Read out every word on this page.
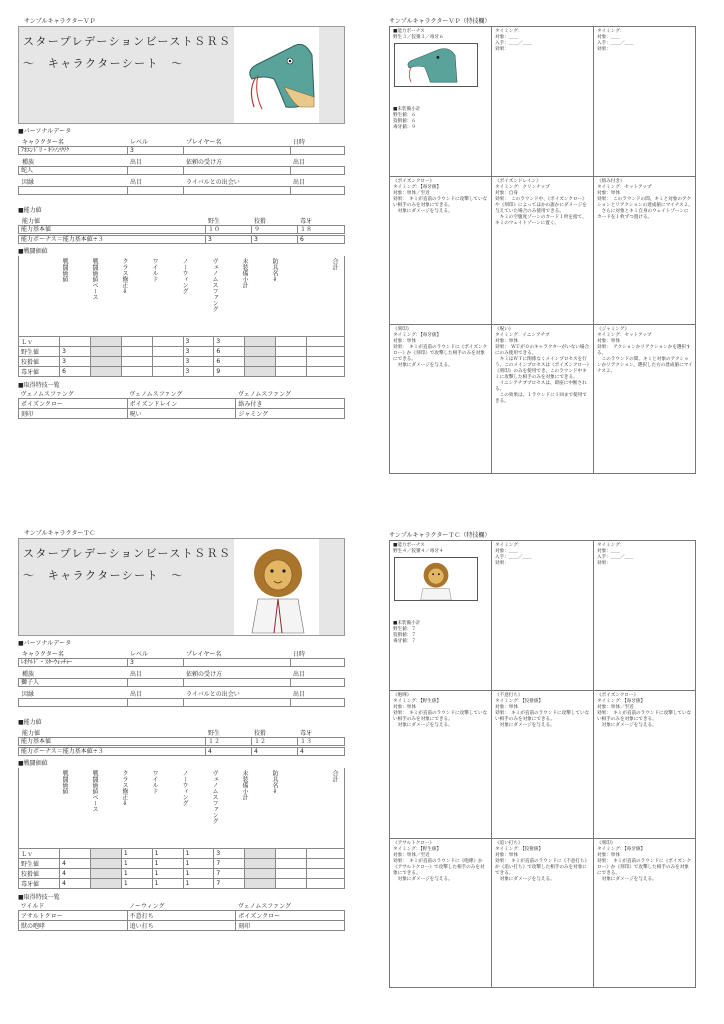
サンプルキャラクターＶＰ
スタープレデーションビーストＳＲＳ
～　キャラクターシート　～
■ パーソナルデータ
キャラクター名	レベル	プレイヤー名	日時
ｱｵｴﾝﾄﾞﾘ・ｷﾗｿﾝﾜﾜｸ	3
種族	出目	依頼の受け方	出目
蛇人
因縁	出目	ライバルとの出会い	出目
■ 能力値
能力値	野生	狡猾	毒牙
能力基本値	１０	９	１８
能力ボーナス＝能力基本値÷３	3	3	6
■ 戦闘価値
戦闘価値	戦闘価値ベース	クラス修正⇒	ワイルド	ノーウィング	ヴェノムスファング	未装備小計	防具名⇒	合計
Ｌｖ					3	3			
野生値	3				3	6			
狡猾値	3				3	6			
毒牙値	6				3	9			
■ 取得特技一覧
ヴェノムスファング	ヴェノムスファング	ヴェノムスファング
ポイズンクロー	ポイズンドレイン	絡み付き
刻印	呪い	ジャミング
サンプルキャラクターＴＣ
スタープレデーションビーストＳＲＳ
～　キャラクターシート　～
■ パーソナルデータ
キャラクター名	レベル	プレイヤー名	日時
ﾚｵﾅﾙﾄﾞ・ｽﾀｰｳｫｯﾁｬｰ	3
種族	出目	依頼の受け方	出目
獅子人
因縁	出目	ライバルとの出会い	出目
■ 能力値
能力値	野生	狡猾	毒牙
能力基本値	１２	１２	１３
能力ボーナス＝能力基本値÷３	4	4	4
■ 戦闘価値
戦闘価値	戦闘価値ベース	クラス修正⇒	ワイルド	ノーウィング	ヴェノムスファング	未装備小計	防具名⇒	合計
Ｌｖ			1	1	1	3			
野生値	4		1	1	1	7			
狡猾値	4		1	1	1	7			
毒牙値	4		1	1	1	7			
■ 取得特技一覧
ワイルド	ノーウィング	ヴェノムスファング
アサルトクロー	不意打ち	ポイズンクロー
獣の咆哮	追い打ち	刻印
サンプルキャラクターＶＰ（特技欄）

■能力ボーナス
野生３／狡猾３／毒牙６

■未装備小計
野生値：６
狡猾値：６
毒牙値：９

タイミング：
対象：＿＿
入手：＿＿／＿＿
効果：

タイミング：
対象：＿＿
入手：＿＿／＿＿
効果：

《ポイズンクロー》
タイミング：【毒牙値】
対象：単体／至近
効果：　キミが直前のラウンドに攻撃していない相手のみを対象にできる。
　対象にダメージを与える。

《ポイズンドレイン》
タイミング：クリンナップ
対象：自身
効果：　このラウンド中、《ポイズンクロー》や《刻印》によってほかの誰かにダメージを与えていた場合のみ使用できる。
　キミの空腹度ゾーンのカード１枚を捨て、キミのウェイトゾーンに置く。

《絡み付き》
タイミング：セットアップ
対象：単体
効果：　このラウンドの間、キミと対象のアクションとリアクションの達成値にマイナス２。
　さらに対象とキミ自身のウェイトゾーンにカードを１枚ずつ置ける。

《刻印》
タイミング：【毒牙値】
対象：単体
効果：　キミが直前のラウンドに《ポイズンクロー》か《刻印》で攻撃した相手のみを対象にできる。
　対象にダメージを与える。

《呪い》
タイミング：イニシアチブ
対象：単体
効果：　ＷＴが０のキャラクターがいない場合にのみ使用できる。
　キミはＷＴに関係なくメインプロセスを行う。このメインプロセスは《ポイズンクロー》《刻印》のみを使用でき、このラウンド中キミに攻撃した相手のみを対象にできる。
　イニシアチブプロセスは、即座に中断される。
　この効果は、１ラウンドに１回まで使用できる。

《ジャミング》
タイミング：セットアップ
対象：単体
効果：　アクションかリアクションかを選択する。
　このラウンドの間、キミと対象のアクションかリアクション、選択した方の達成値にマイナス２。

サンプルキャラクターＴＣ（特技欄）

■能力ボーナス
野生４／狡猾４／毒牙４

■未装備小計
野生値：７
狡猾値：７
毒牙値：７

タイミング：
対象：＿＿
入手：＿＿／＿＿
効果：

タイミング：
対象：＿＿
入手：＿＿／＿＿
効果：

《咆哮》
タイミング：【野生値】
対象：単体
効果：　キミが直前のラウンドに攻撃していない相手のみを対象にできる。
　対象にダメージを与える。

《不意打ち》
タイミング：【狡猾値】
対象：単体
効果：　キミが直前のラウンドに攻撃していない相手のみを対象にできる。
　対象にダメージを与える。

《ポイズンクロー》
タイミング：【毒牙値】
対象：単体／至近
効果：　キミが直前のラウンドに攻撃していない相手のみを対象にできる。
　対象にダメージを与える。

《アサルトクロー》
タイミング：【野生値】
対象：単体／至近
効果：　キミが直前のラウンドに《咆哮》か《アサルトクロー》で攻撃した相手のみを対象にできる。
　対象にダメージを与える。

《追い打ち》
タイミング：【狡猾値】
対象：単体
効果：　キミが直前のラウンドに《不意打ち》か《追い打ち》で攻撃した相手のみを対象にできる。
　対象にダメージを与える。

《刻印》
タイミング：【毒牙値】
対象：単体
効果：　キミが直前のラウンドに《ポイズンクロー》か《刻印》で攻撃した相手のみを対象にできる。
　対象にダメージを与える。
